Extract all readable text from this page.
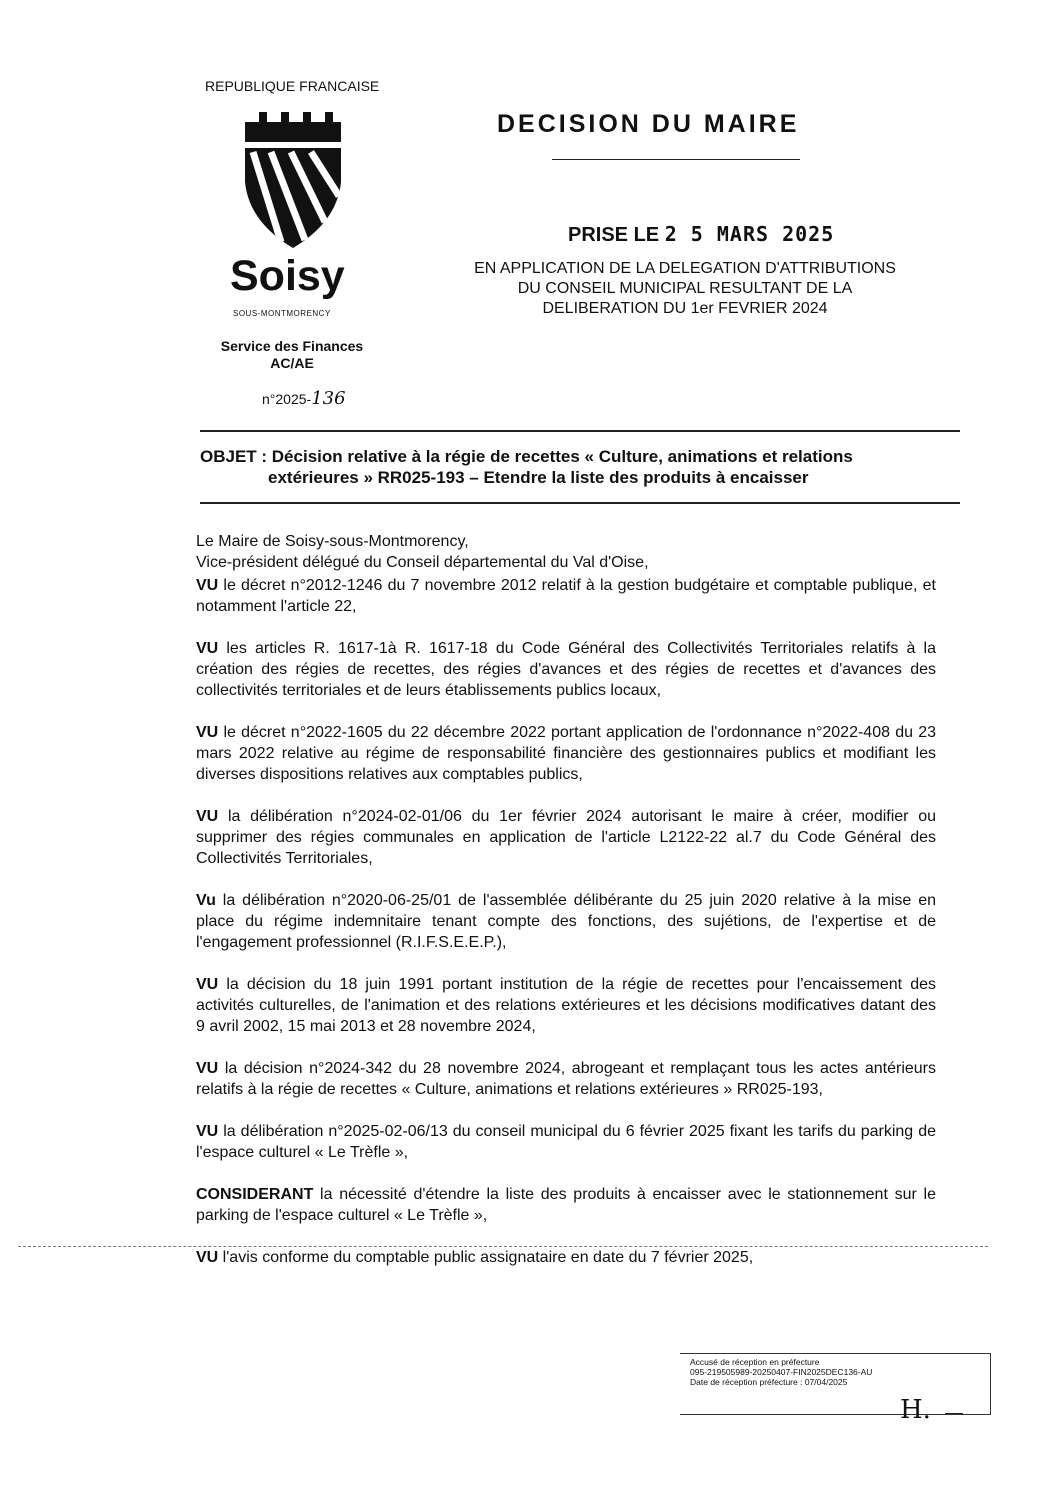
REPUBLIQUE FRANCAISE
Soisy
SOUS-MONTMORENCY
Service des Finances
AC/AE
n°2025-136
DECISION DU MAIRE
PRISE LE 2 5 MARS 2025
EN APPLICATION DE LA DELEGATION D'ATTRIBUTIONS
DU CONSEIL MUNICIPAL RESULTANT DE LA
DELIBERATION DU 1er FEVRIER 2024
OBJET : Décision relative à la régie de recettes « Culture, animations et relations
extérieures » RR025-193 – Etendre la liste des produits à encaisser

Le Maire de Soisy-sous-Montmorency,

Vice-président délégué du Conseil départemental du Val d'Oise,

VU le décret n°2012-1246 du 7 novembre 2012 relatif à la gestion budgétaire et comptable publique, et notamment l'article 22,

VU les articles R. 1617-1à R. 1617-18 du Code Général des Collectivités Territoriales relatifs à la création des régies de recettes, des régies d'avances et des régies de recettes et d'avances des collectivités territoriales et de leurs établissements publics locaux,

VU le décret n°2022-1605 du 22 décembre 2022 portant application de l'ordonnance n°2022-408 du 23 mars 2022 relative au régime de responsabilité financière des gestionnaires publics et modifiant les diverses dispositions relatives aux comptables publics,

VU la délibération n°2024-02-01/06 du 1er février 2024 autorisant le maire à créer, modifier ou supprimer des régies communales en application de l'article L2122-22 al.7 du Code Général des Collectivités Territoriales,

Vu la délibération n°2020-06-25/01 de l'assemblée délibérante du 25 juin 2020 relative à la mise en place du régime indemnitaire tenant compte des fonctions, des sujétions, de l'expertise et de l'engagement professionnel (R.I.F.S.E.E.P.),

VU la décision du 18 juin 1991 portant institution de la régie de recettes pour l'encaissement des activités culturelles, de l'animation et des relations extérieures et les décisions modificatives datant des 9 avril 2002, 15 mai 2013 et 28 novembre 2024,

VU la décision n°2024-342 du 28 novembre 2024, abrogeant et remplaçant tous les actes antérieurs relatifs à la régie de recettes « Culture, animations et relations extérieures » RR025-193,

VU la délibération n°2025-02-06/13 du conseil municipal du 6 février 2025 fixant les tarifs du parking de l'espace culturel « Le Trèfle »,

CONSIDERANT la nécessité d'étendre la liste des produits à encaisser avec le stationnement sur le parking de l'espace culturel « Le Trèfle »,

VU l'avis conforme du comptable public assignataire en date du 7 février 2025,

Accusé de réception en préfecture
095-219505989-20250407-FIN2025DEC136-AU
Date de réception préfecture : 07/04/2025
H.
